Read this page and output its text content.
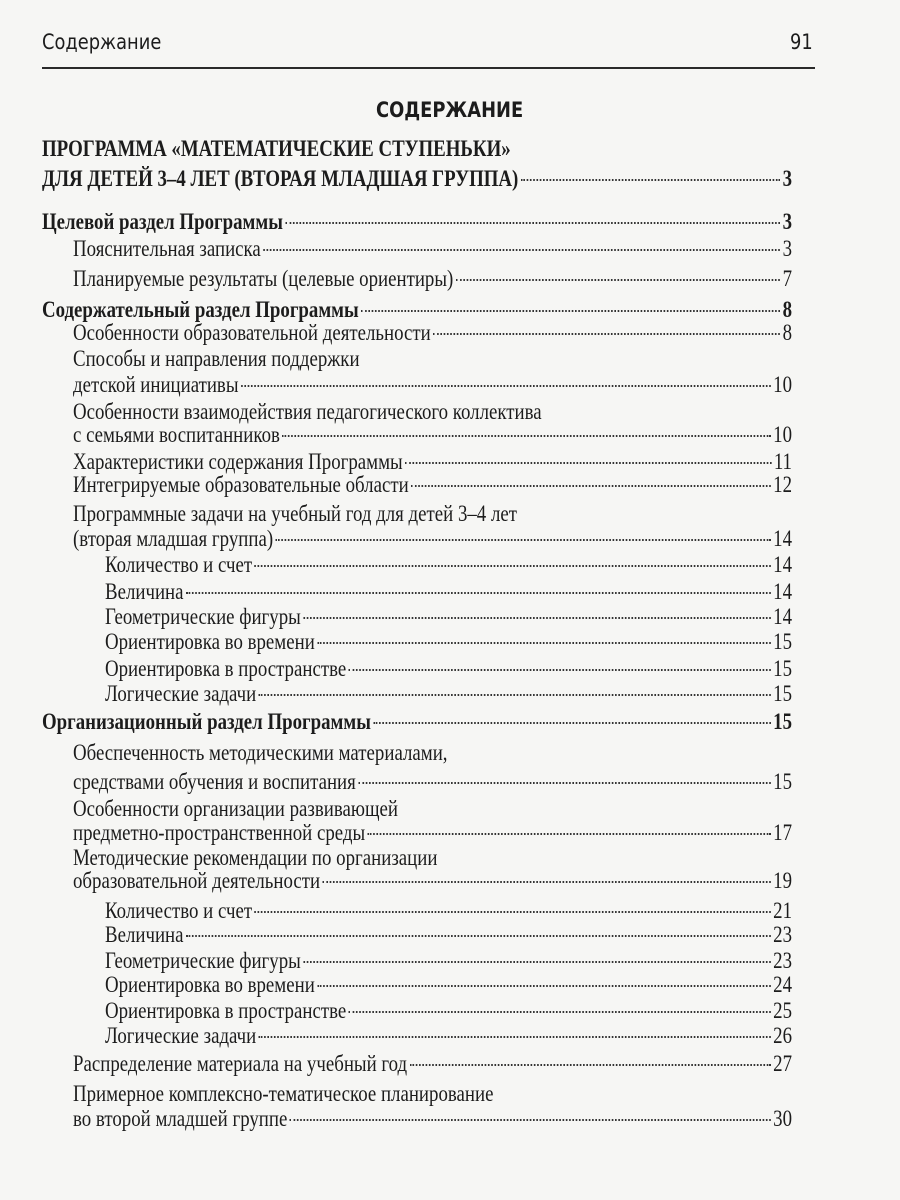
Содержание	91
СОДЕРЖАНИЕ
ПРОГРАММА «МАТЕМАТИЧЕСКИЕ СТУПЕНЬКИ»
ДЛЯ ДЕТЕЙ 3–4 ЛЕТ (ВТОРАЯ МЛАДШАЯ ГРУППА)	3
Целевой раздел Программы	3
Пояснительная записка	3
Планируемые результаты (целевые ориентиры)	7
Содержательный раздел Программы	8
Особенности образовательной деятельности	8
Способы и направления поддержки
детской инициативы	10
Особенности взаимодействия педагогического коллектива
с семьями воспитанников	10
Характеристики содержания Программы	11
Интегрируемые образовательные области	12
Программные задачи на учебный год для детей 3–4 лет
(вторая младшая группа)	14
Количество и счет	14
Величина	14
Геометрические фигуры	14
Ориентировка во времени	15
Ориентировка в пространстве	15
Логические задачи	15
Организационный раздел Программы	15
Обеспеченность методическими материалами,
средствами обучения и воспитания	15
Особенности организации развивающей
предметно-пространственной среды	17
Методические рекомендации по организации
образовательной деятельности	19
Количество и счет	21
Величина	23
Геометрические фигуры	23
Ориентировка во времени	24
Ориентировка в пространстве	25
Логические задачи	26
Распределение материала на учебный год	27
Примерное комплексно-тематическое планирование
во второй младшей группе	30
